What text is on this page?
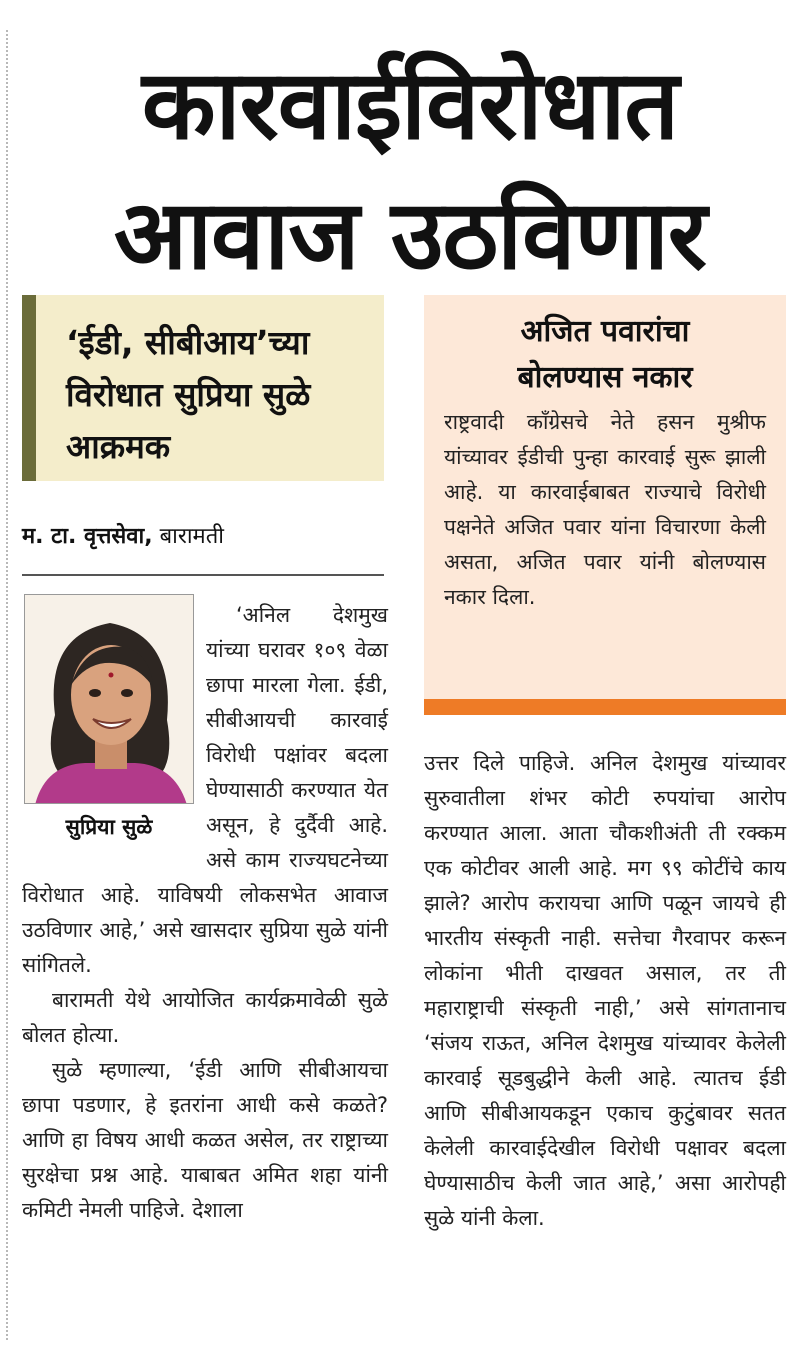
कारवाईविरोधात
आवाज उठविणार
‘ईडी, सीबीआय’च्या
विरोधात सुप्रिया सुळे
आक्रमक
अजित पवारांचा
बोलण्यास नकार
राष्ट्रवादी काँग्रेसचे नेते हसन मुश्रीफ यांच्यावर ईडीची पुन्हा कारवाई सुरू झाली आहे. या कारवाईबाबत राज्याचे विरोधी पक्षनेते अजित पवार यांना विचारणा केली असता, अजित पवार यांनी बोलण्यास नकार दिला.
म. टा. वृत्तसेवा, बारामती
सुप्रिया सुळे

‘अनिल देशमुख यांच्या घरावर १०९ वेळा छापा मारला गेला. ईडी, सीबीआयची कारवाई विरोधी पक्षांवर बदला घेण्यासाठी करण्यात येत असून, हे दुर्दैवी आहे. असे काम राज्यघटनेच्या विरोधात आहे. याविषयी लोकसभेत आवाज उठविणार आहे,’ असे खासदार सुप्रिया सुळे यांनी सांगितले.

बारामती येथे आयोजित कार्यक्रमावेळी सुळे बोलत होत्या.

सुळे म्हणाल्या, ‘ईडी आणि सीबीआयचा छापा पडणार, हे इतरांना आधी कसे कळते? आणि हा विषय आधी कळत असेल, तर राष्ट्राच्या सुरक्षेचा प्रश्न आहे. याबाबत अमित शहा यांनी कमिटी नेमली पाहिजे. देशाला

उत्तर दिले पाहिजे. अनिल देशमुख यांच्यावर सुरुवातीला शंभर कोटी रुपयांचा आरोप करण्यात आला. आता चौकशीअंती ती रक्कम एक कोटीवर आली आहे. मग ९९ कोटींचे काय झाले? आरोप करायचा आणि पळून जायचे ही भारतीय संस्कृती नाही. सत्तेचा गैरवापर करून लोकांना भीती दाखवत असाल, तर ती महाराष्ट्राची संस्कृती नाही,’ असे सांगतानाच ‘संजय राऊत, अनिल देशमुख यांच्यावर केलेली कारवाई सूडबुद्धीने केली आहे. त्यातच ईडी आणि सीबीआयकडून एकाच कुटुंबावर सतत केलेली कारवाईदेखील विरोधी पक्षावर बदला घेण्यासाठीच केली जात आहे,’ असा आरोपही सुळे यांनी केला.
